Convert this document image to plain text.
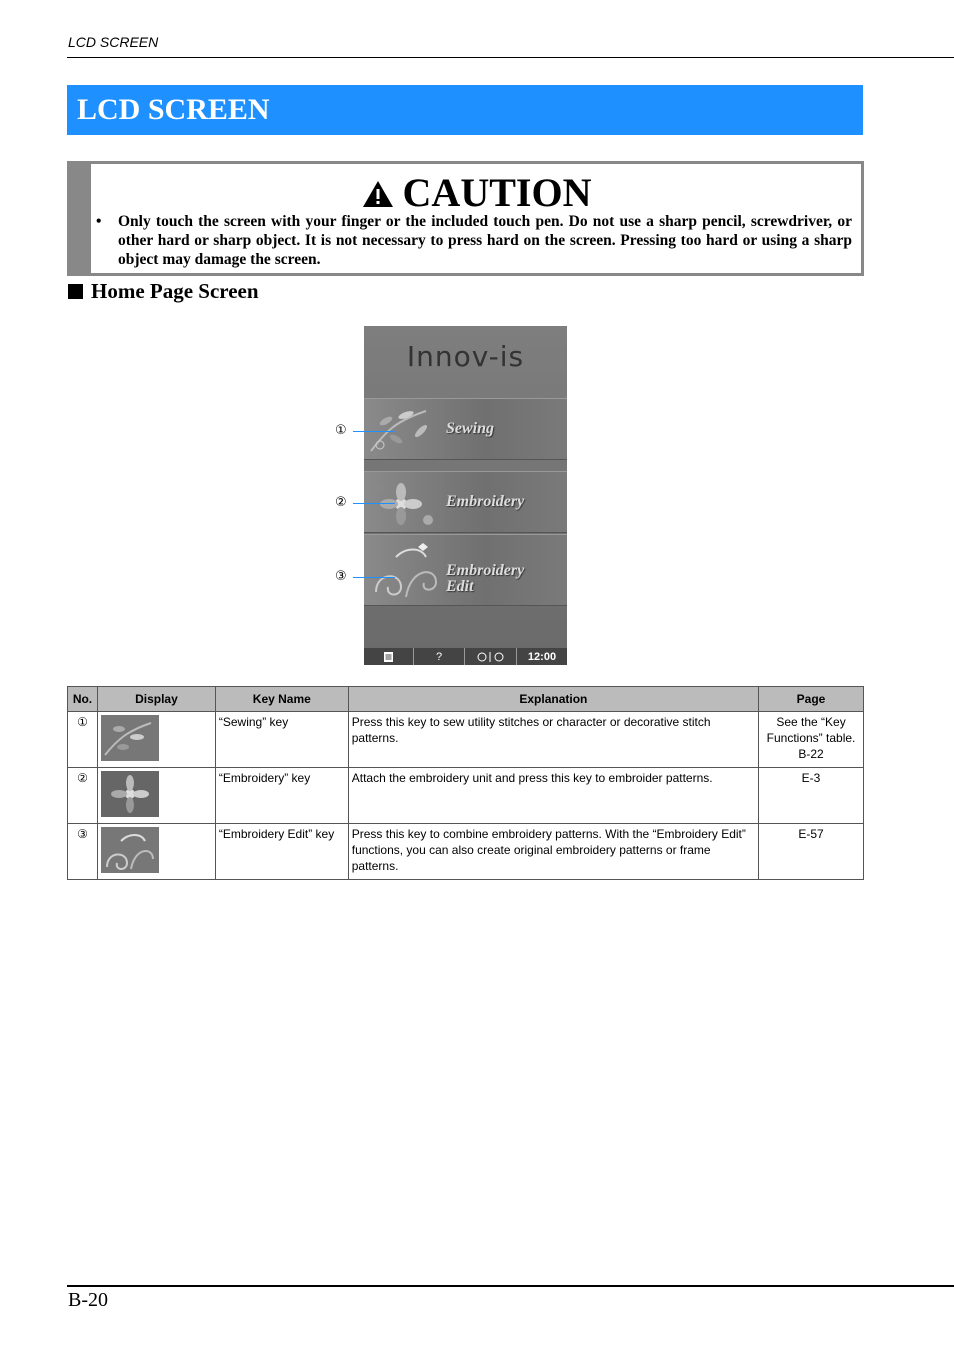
LCD SCREEN
LCD SCREEN
CAUTION
•	Only touch the screen with your finger or the included touch pen. Do not use a sharp pencil, screwdriver, or other hard or sharp object. It is not necessary to press hard on the screen. Pressing too hard or using a sharp object may damage the screen.
Home Page Screen
Innov-is
Sewing
Embroidery
Embroidery
Edit
?	12:00
①
②
③
No.	Display	Key Name	Explanation	Page
①		“Sewing” key	Press this key to sew utility stitches or character or decorative stitch patterns.	See the “Key Functions” table. B-22
②		“Embroidery” key	Attach the embroidery unit and press this key to embroider patterns.	E-3
③		“Embroidery Edit” key	Press this key to combine embroidery patterns. With the “Embroidery Edit” functions, you can also create original embroidery patterns or frame patterns.	E-57
B-20
